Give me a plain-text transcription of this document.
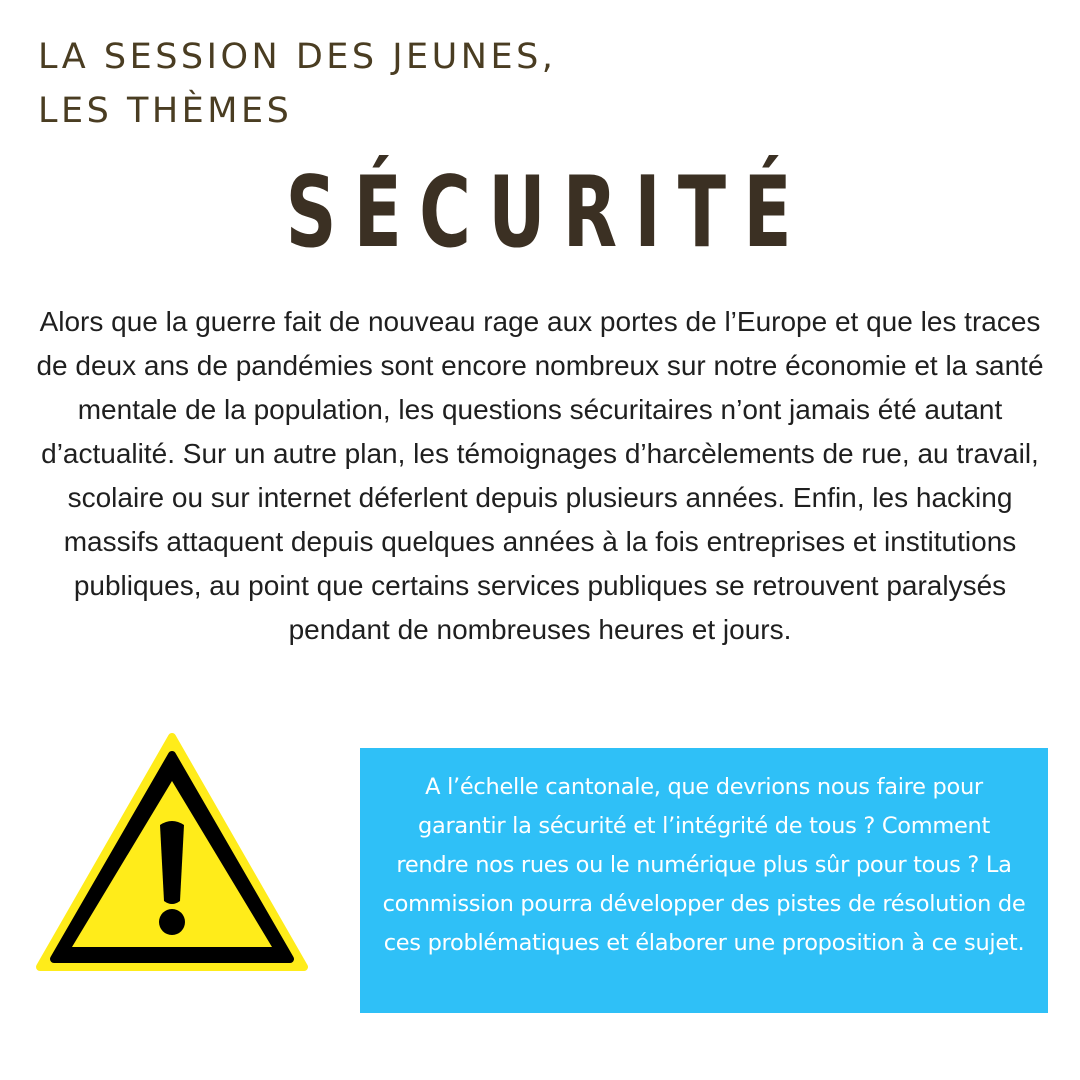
LA SESSION DES JEUNES,
LES THÈMES
SÉCURITÉ

Alors que la guerre fait de nouveau rage aux portes de l’Europe et que les traces de deux ans de pandémies sont encore nombreux sur notre économie et la santé mentale de la population, les questions sécuritaires n’ont jamais été autant d’actualité. Sur un autre plan, les témoignages d’harcèlements de rue, au travail, scolaire ou sur internet déferlent depuis plusieurs années. Enfin, les hacking massifs attaquent depuis quelques années à la fois entreprises et institutions publiques, au point que certains services publiques se retrouvent paralysés pendant de nombreuses heures et jours.

A l’échelle cantonale, que devrions nous faire pour garantir la sécurité et l’intégrité de tous ? Comment rendre nos rues ou le numérique plus sûr pour tous ? La commission pourra développer des pistes de résolution de ces problématiques et élaborer une proposition à ce sujet.
